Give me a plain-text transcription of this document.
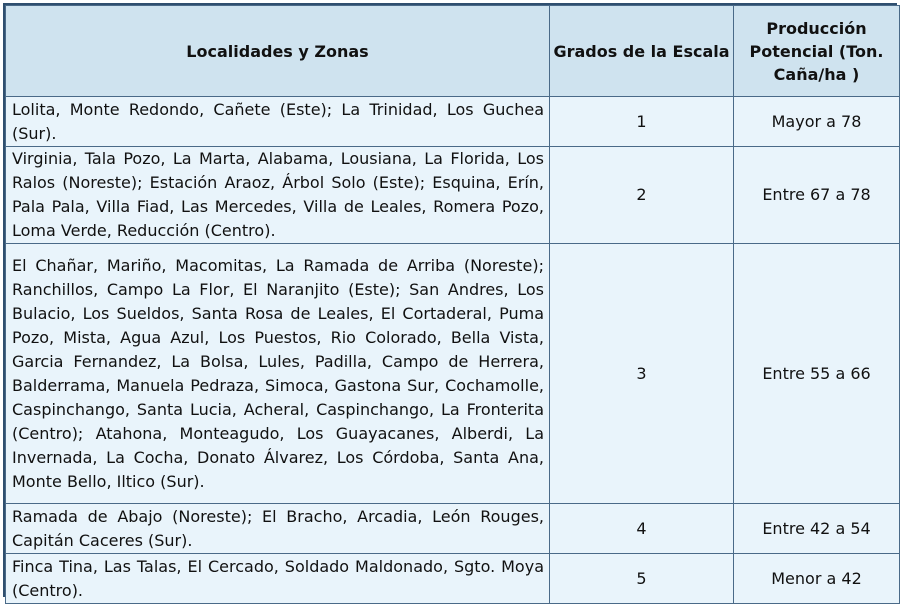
Localidades y Zonas	Grados de la Escala	Producción Potencial (Ton. Caña/ha )
Lolita, Monte Redondo, Cañete (Este); La Trinidad, Los Guchea (Sur).	1	Mayor a 78
Virginia, Tala Pozo, La Marta, Alabama, Lousiana, La Florida, Los Ralos (Noreste); Estación Araoz, Árbol Solo (Este); Esquina, Erín, Pala Pala, Villa Fiad, Las Mercedes, Villa de Leales, Romera Pozo, Loma Verde, Reducción (Centro).	2	Entre 67 a 78
El Chañar, Mariño, Macomitas, La Ramada de Arriba (Noreste); Ranchillos, Campo La Flor, El Naranjito (Este); San Andres, Los Bulacio, Los Sueldos, Santa Rosa de Leales, El Cortaderal, Puma Pozo, Mista, Agua Azul, Los Puestos, Rio Colorado, Bella Vista, Garcia Fernandez, La Bolsa, Lules, Padilla, Campo de Herrera, Balderrama, Manuela Pedraza, Simoca, Gastona Sur, Cochamolle, Caspinchango, Santa Lucia, Acheral, Caspinchango, La Fronterita (Centro); Atahona, Monteagudo, Los Guayacanes, Alberdi, La Invernada, La Cocha, Donato Álvarez, Los Córdoba, Santa Ana, Monte Bello, Iltico (Sur).	3	Entre 55 a 66
Ramada de Abajo (Noreste); El Bracho, Arcadia, León Rouges, Capitán Caceres (Sur).	4	Entre 42 a 54
Finca Tina, Las Talas, El Cercado, Soldado Maldonado, Sgto. Moya (Centro).	5	Menor a 42
